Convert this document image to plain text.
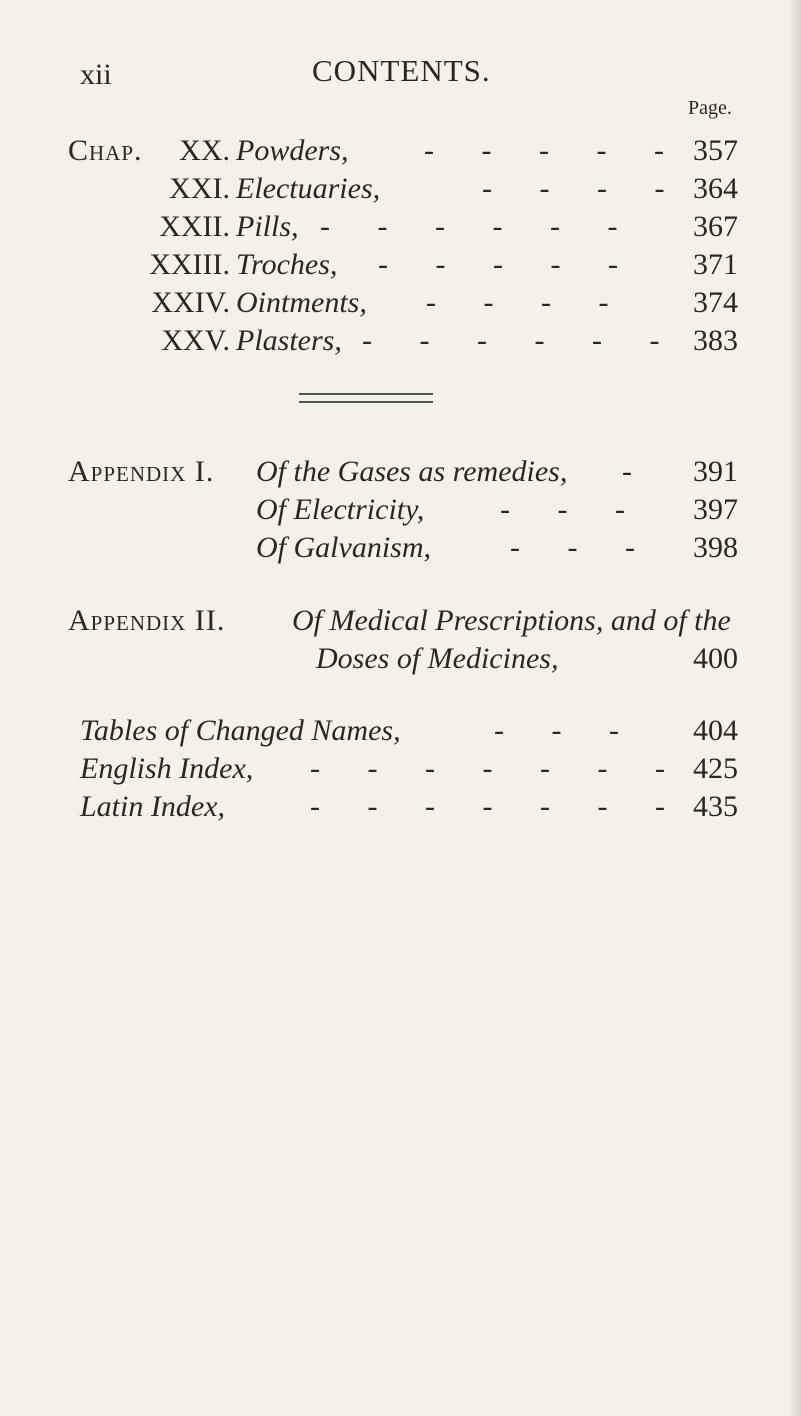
xii	CONTENTS.
Page.
Chap.	XX. Powders,	- - - - - 357
XXI. Electuaries,	- - - - 364
XXII. Pills, - - - - - -	367
XXIII. Troches, - - - - -	371
XXIV. Ointments, - - - -	374
XXV. Plasters, - - - - - - 383
Appendix I. Of the Gases as remedies, -	391
Of Electricity,	- - -	397
Of Galvanism,	- - -	398
Appendix II. Of Medical Prescriptions, and of the
Doses of Medicines,	400
Tables of Changed Names,	- - -	404
English Index, - - - - - - - 425
Latin Index,	- - - - - - - 435
